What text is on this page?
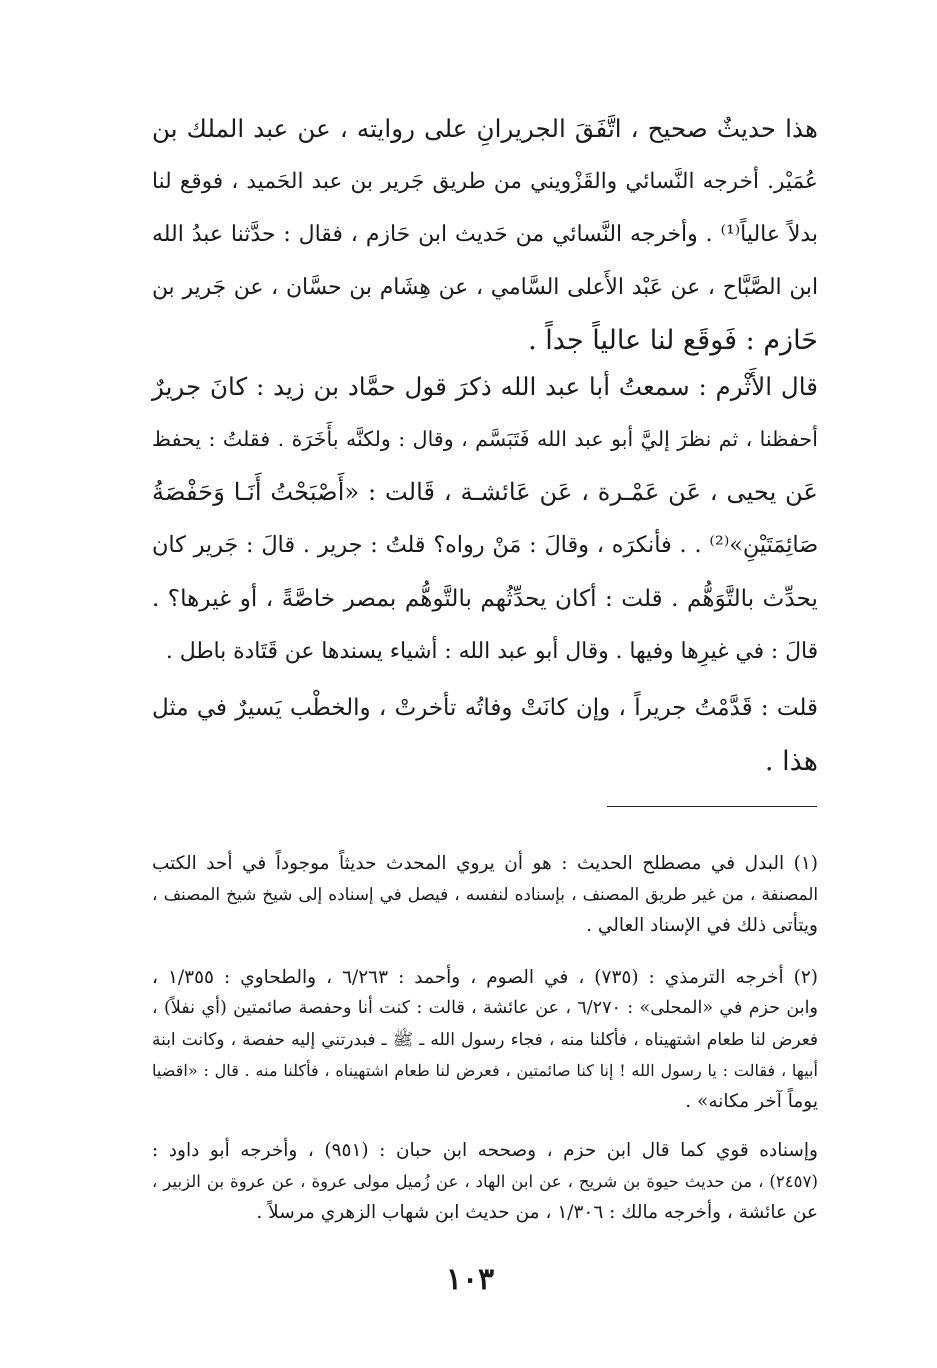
هذا حديثٌ صحيح ، اتَّفَقَ الجريرانِ على روايته ، عن عبد الملك بن
عُمَيْر. أخرجه النَّسائي والقَزْويني من طريق جَرير بن عبد الحَميد ، فوقع لنا
بدلاً عالياً⁽¹⁾ . وأخرجه النَّسائي من حَديث ابن حَازم ، فقال : حدَّثنا عبدُ الله
ابن الصَّبَّاح ، عن عَبْد الأَعلى السَّامي ، عن هِشَام بن حسَّان ، عن جَرير بن
حَازم : فَوقَع لنا عالياً جداً .
قال الأَثْرم : سمعتُ أبا عبد الله ذكرَ قول حمَّاد بن زيد : كانَ جريرٌ
أحفظنا ، ثم نظرَ إليَّ أبو عبد الله فَتَبَسَّم ، وقال : ولكنَّه بأَخَرَة . فقلتُ : يحفظ
عَن يحيى ، عَن عَمْـرة ، عَن عَائشـة ، قَالت : «أَصْبَحْتُ أَنَـا وَحَفْصَةُ
صَائِمَتَيْنِ»⁽²⁾ . . فأنكرَه ، وقالَ : مَنْ رواه؟ قلتُ : جرير . قالَ : جَرير كان
يحدِّث بالتَّوَهُّم . قلت : أكان يحدِّثُهم بالتَّوهُّم بمصر خاصَّةً ، أو غيرها؟ .
قالَ : في غيرِها وفيها . وقال أبو عبد الله : أشياء يسندها عن قَتَادة باطل .
قلت : قَدَّمْتُ جريراً ، وإن كانَتْ وفاتُه تأخرتْ ، والخطْب يَسيرٌ في مثل
هذا .
(١) البدل في مصطلح الحديث : هو أن يروي المحدث حديثاً موجوداً في أحد الكتب
المصنفة ، من غير طريق المصنف ، بإسناده لنفسه ، فيصل في إسناده إلى شيخ شيخ المصنف ،
ويتأتى ذلك في الإسناد العالي .
(٢) أخرجه الترمذي : (٧٣٥) ، في الصوم ، وأحمد : ٦/٢٦٣ ، والطحاوي : ١/٣٥٥ ،
وابن حزم في «المحلى» : ٦/٢٧٠ ، عن عائشة ، قالت : كنت أنا وحفصة صائمتين (أي نفلاً) ،
فعرض لنا طعام اشتهيناه ، فأكلنا منه ، فجاء رسول الله ـ ﷺ ـ فبدرتني إليه حفصة ، وكانت ابنة
أبيها ، فقالت : يا رسول الله ! إنا كنا صائمتين ، فعرض لنا طعام اشتهيناه ، فأكلنا منه . قال : «اقضيا
يوماً آخر مكانه» .
وإسناده قوي كما قال ابن حزم ، وصححه ابن حبان : (٩٥١) ، وأخرجه أبو داود :
(٢٤٥٧) ، من حديث حيوة بن شريح ، عن ابن الهاد ، عن زُميل مولى عروة ، عن عروة بن الزبير ،
عن عائشة ، وأخرجه مالك : ١/٣٠٦ ، من حديث ابن شهاب الزهري مرسلاً .
١٠٣
